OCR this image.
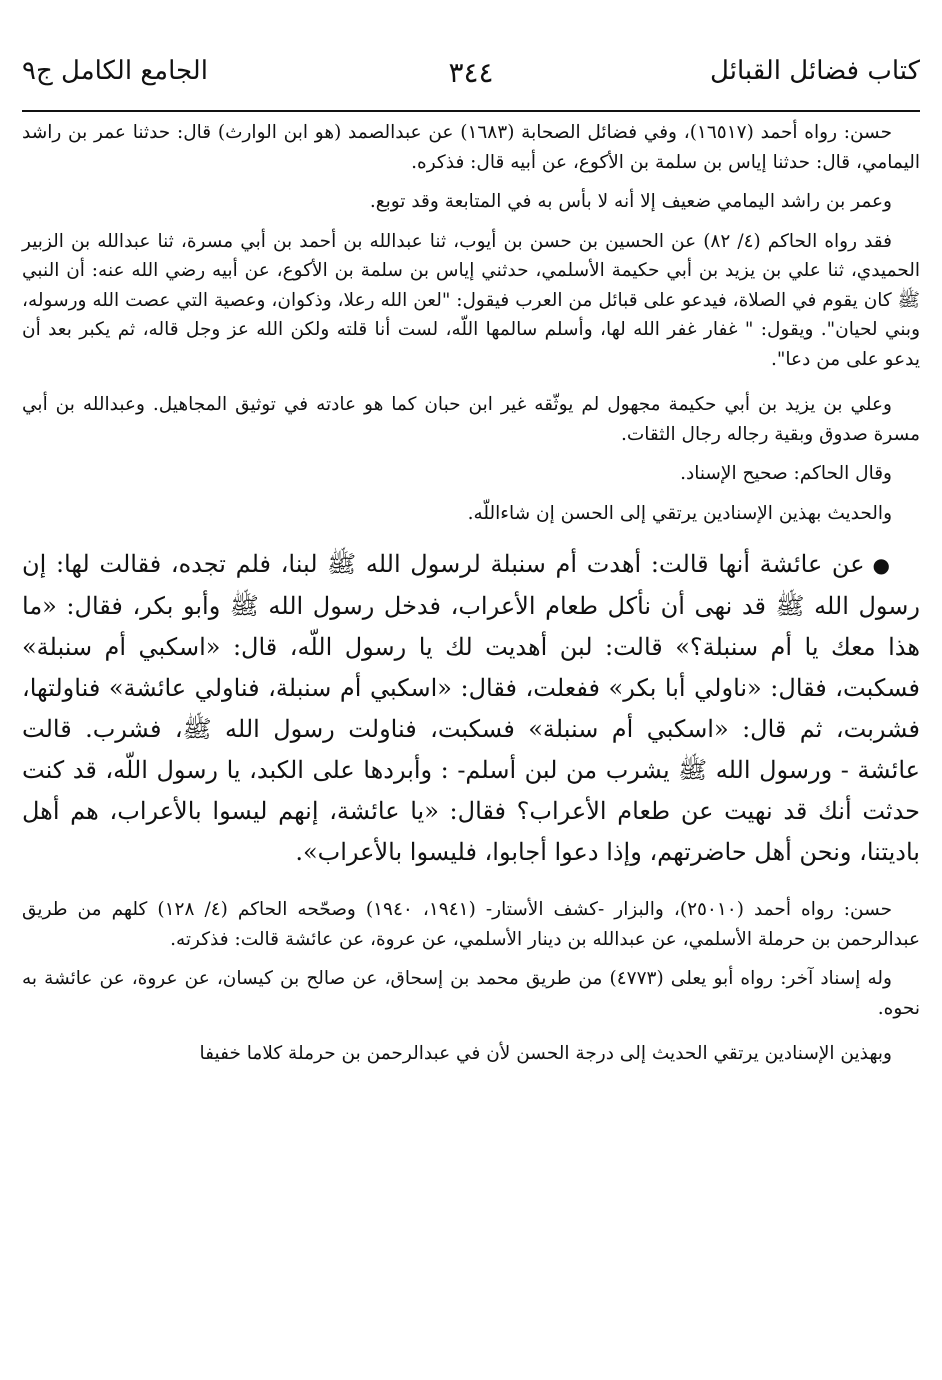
كتاب فضائل القبائل
٣٤٤
الجامع الكامل ج٩

حسن: رواه أحمد (١٦٥١٧)، وفي فضائل الصحابة (١٦٨٣) عن عبدالصمد (هو ابن الوارث) قال: حدثنا عمر بن راشد اليمامي، قال: حدثنا إياس بن سلمة بن الأكوع، عن أبيه قال: فذكره.

وعمر بن راشد اليمامي ضعيف إلا أنه لا بأس به في المتابعة وقد توبع.

فقد رواه الحاكم (٤/ ٨٢) عن الحسين بن حسن بن أيوب، ثنا عبدالله بن أحمد بن أبي مسرة، ثنا عبدالله بن الزبير الحميدي، ثنا علي بن يزيد بن أبي حكيمة الأسلمي، حدثني إياس بن سلمة بن الأكوع، عن أبيه رضي الله عنه: أن النبي ﷺ كان يقوم في الصلاة، فيدعو على قبائل من العرب فيقول: "لعن الله رعلا، وذكوان، وعصية التي عصت الله ورسوله، وبني لحيان". ويقول: " غفار غفر الله لها، وأسلم سالمها اللّه، لست أنا قلته ولكن الله عز وجل قاله، ثم يكبر بعد أن يدعو على من دعا".

وعلي بن يزيد بن أبي حكيمة مجهول لم يوثّقه غير ابن حبان كما هو عادته في توثيق المجاهيل. وعبدالله بن أبي مسرة صدوق وبقية رجاله رجال الثقات.

وقال الحاكم: صحيح الإسناد.

والحديث بهذين الإسنادين يرتقي إلى الحسن إن شاءاللّه.

●عن عائشة أنها قالت: أهدت أم سنبلة لرسول الله ﷺ لبنا، فلم تجده، فقالت لها: إن رسول الله ﷺ قد نهى أن نأكل طعام الأعراب، فدخل رسول الله ﷺ وأبو بكر، فقال: «ما هذا معك يا أم سنبلة؟» قالت: لبن أهديت لك يا رسول اللّه، قال: «اسكبي أم سنبلة» فسكبت، فقال: «ناولي أبا بكر» ففعلت، فقال: «اسكبي أم سنبلة، فناولي عائشة» فناولتها، فشربت، ثم قال: «اسكبي أم سنبلة» فسكبت، فناولت رسول الله ﷺ، فشرب. قالت عائشة - ورسول الله ﷺ يشرب من لبن أسلم- : وأبردها على الكبد، يا رسول اللّه، قد كنت حدثت أنك قد نهيت عن طعام الأعراب؟ فقال: «يا عائشة، إنهم ليسوا بالأعراب، هم أهل باديتنا، ونحن أهل حاضرتهم، وإذا دعوا أجابوا، فليسوا بالأعراب».

حسن: رواه أحمد (٢٥٠١٠)، والبزار -كشف الأستار- (١٩٤١، ١٩٤٠) وصحّحه الحاكم (٤/ ١٢٨) كلهم من طريق عبدالرحمن بن حرملة الأسلمي، عن عبدالله بن دينار الأسلمي، عن عروة، عن عائشة قالت: فذكرته.

وله إسناد آخر: رواه أبو يعلى (٤٧٧٣) من طريق محمد بن إسحاق، عن صالح بن كيسان، عن عروة، عن عائشة به نحوه.

وبهذين الإسنادين يرتقي الحديث إلى درجة الحسن لأن في عبدالرحمن بن حرملة كلاما خفيفا
